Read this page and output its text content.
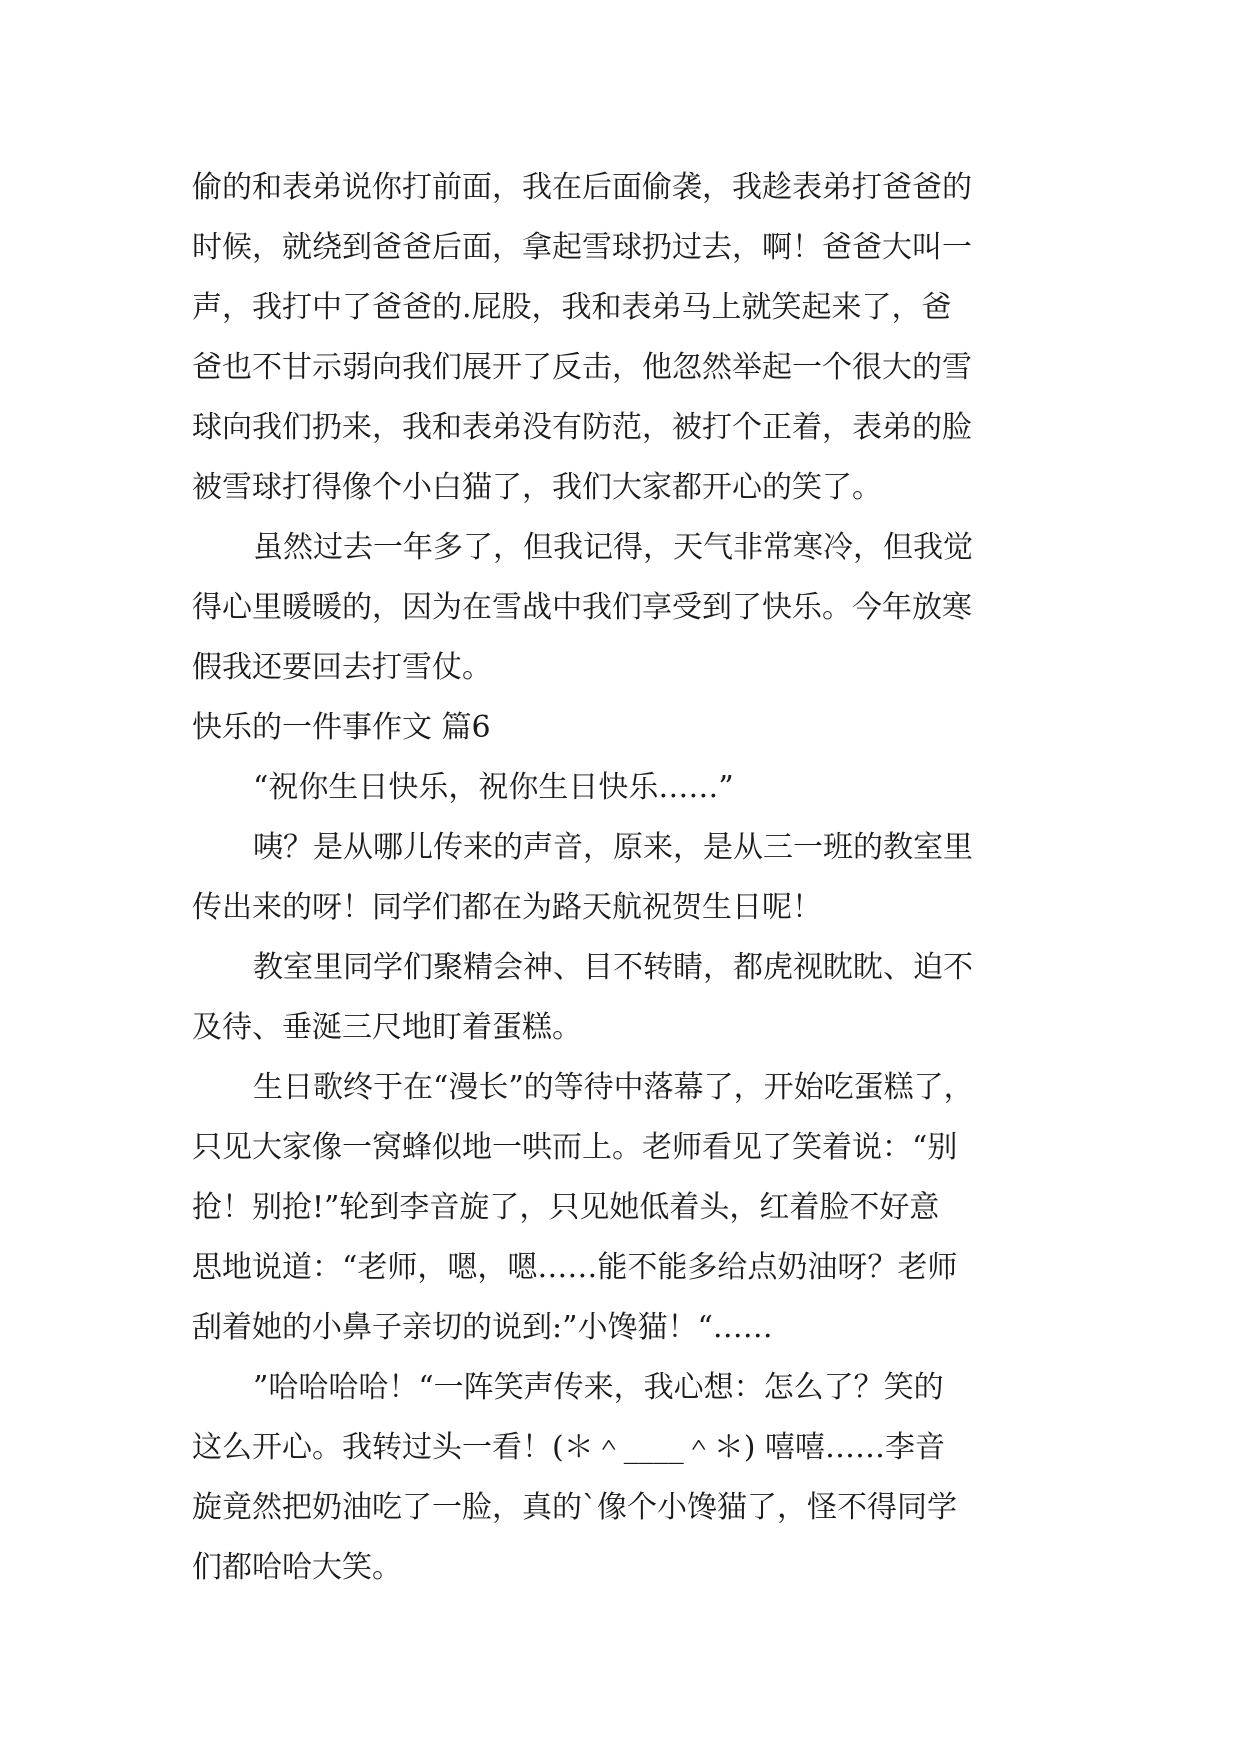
偷的和表弟说你打前面，我在后面偷袭，我趁表弟打爸爸的
时候，就绕到爸爸后面，拿起雪球扔过去，啊！爸爸大叫一
声，我打中了爸爸的.屁股，我和表弟马上就笑起来了，爸
爸也不甘示弱向我们展开了反击，他忽然举起一个很大的雪
球向我们扔来，我和表弟没有防范，被打个正着，表弟的脸
被雪球打得像个小白猫了，我们大家都开心的笑了。
虽然过去一年多了，但我记得，天气非常寒冷，但我觉
得心里暖暖的，因为在雪战中我们享受到了快乐。今年放寒
假我还要回去打雪仗。
快乐的一件事作文 篇6
“祝你生日快乐，祝你生日快乐……”
咦？是从哪儿传来的声音，原来，是从三一班的教室里
传出来的呀！同学们都在为路天航祝贺生日呢！
教室里同学们聚精会神、目不转睛，都虎视眈眈、迫不
及待、垂涎三尺地盯着蛋糕。
生日歌终于在“漫长”的等待中落幕了，开始吃蛋糕了，
只见大家像一窝蜂似地一哄而上。老师看见了笑着说：“别
抢！别抢!”轮到李音旋了，只见她低着头，红着脸不好意
思地说道：“老师，嗯，嗯……能不能多给点奶油呀？老师
刮着她的小鼻子亲切的说到:”小馋猫！“……
”哈哈哈哈！“一阵笑声传来，我心想：怎么了？笑的
这么开心。我转过头一看！(＊＾____＾＊) 嘻嘻……李音
旋竟然把奶油吃了一脸，真的`像个小馋猫了，怪不得同学
们都哈哈大笑。
